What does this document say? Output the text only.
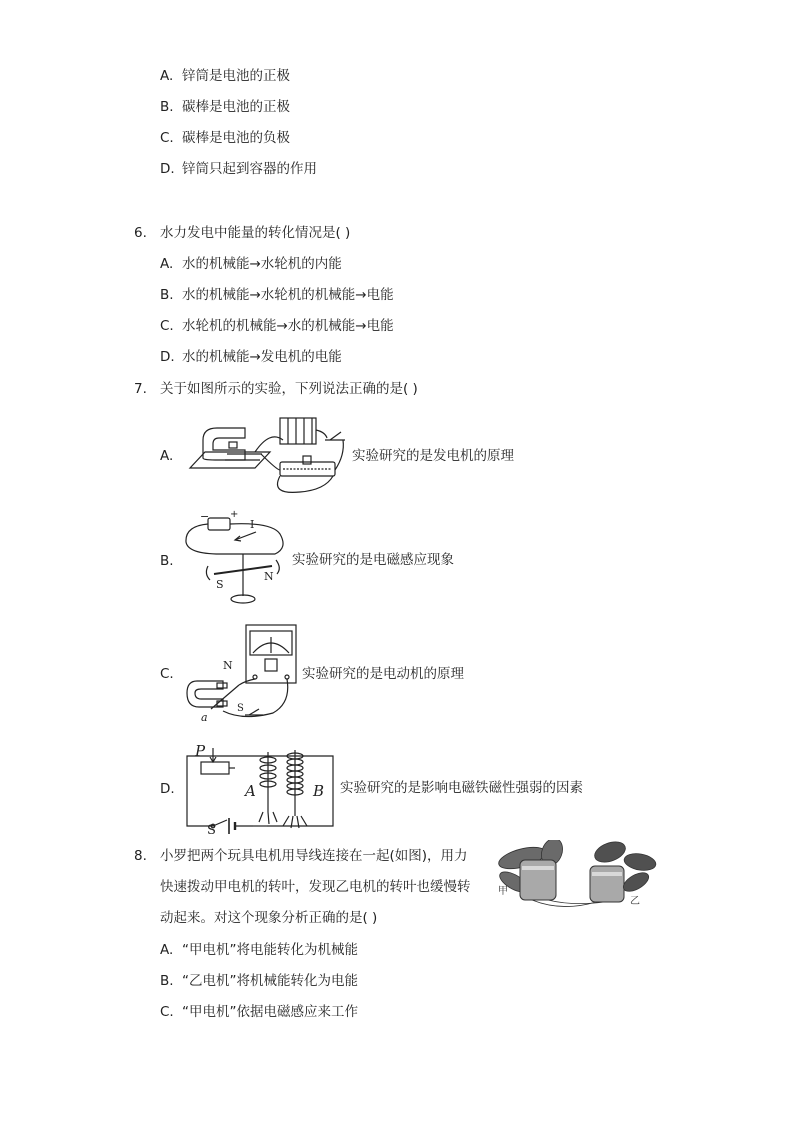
A. 锌筒是电池的正极
B. 碳棒是电池的正极
C. 碳棒是电池的负极
D. 锌筒只起到容器的作用
6. 水力发电中能量的转化情况是( )
A. 水的机械能→水轮机的内能
B. 水的机械能→水轮机的机械能→电能
C. 水轮机的机械能→水的机械能→电能
D. 水的机械能→发电机的电能
7. 关于如图所示的实验，下列说法正确的是( )
A.	实验研究的是发电机的原理
B.
− +
I
S
N
实验研究的是电磁感应现象
C.
N
S
a
实验研究的是电动机的原理
D.
P
A	B
S
实验研究的是影响电磁铁磁性强弱的因素
8. 小罗把两个玩具电机用导线连接在一起(如图)，用力
快速拨动甲电机的转叶，发现乙电机的转叶也缓慢转
动起来。对这个现象分析正确的是( )
甲
乙
A. “甲电机”将电能转化为机械能
B. “乙电机”将机械能转化为电能
C. “甲电机”依据电磁感应来工作
